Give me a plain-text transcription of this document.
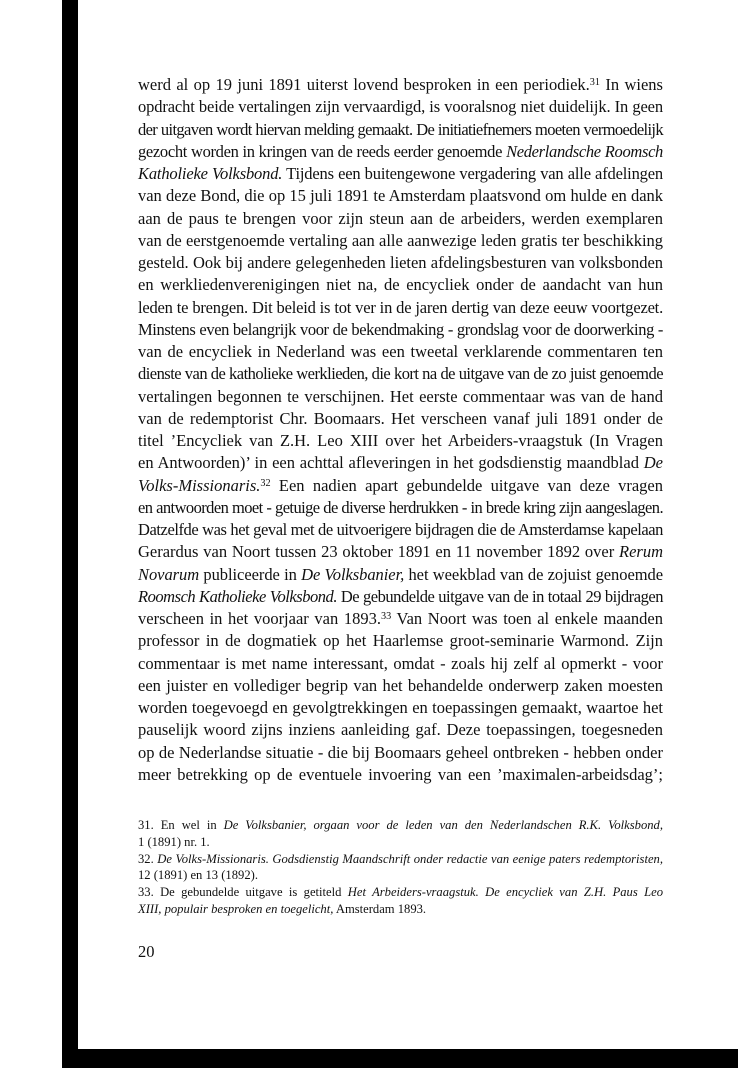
werd al op 19 juni 1891 uiterst lovend besproken in een periodiek.$^{31}$ In wiens
opdracht beide vertalingen zijn vervaardigd, is vooralsnog niet duidelijk. In geen
der uitgaven wordt hiervan melding gemaakt. De initiatiefnemers moeten vermoedelijk
gezocht worden in kringen van de reeds eerder genoemde Nederlandsche Roomsch
Katholieke Volksbond. Tijdens een buitengewone vergadering van alle afdelingen
van deze Bond, die op 15 juli 1891 te Amsterdam plaatsvond om hulde en dank
aan de paus te brengen voor zijn steun aan de arbeiders, werden exemplaren
van de eerstgenoemde vertaling aan alle aanwezige leden gratis ter beschikking
gesteld. Ook bij andere gelegenheden lieten afdelingsbesturen van volksbonden
en werkliedenverenigingen niet na, de encycliek onder de aandacht van hun
leden te brengen. Dit beleid is tot ver in de jaren dertig van deze eeuw voortgezet.
Minstens even belangrijk voor de bekendmaking - grondslag voor de doorwerking -
van de encycliek in Nederland was een tweetal verklarende commentaren ten
dienste van de katholieke werklieden, die kort na de uitgave van de zo juist genoemde
vertalingen begonnen te verschijnen. Het eerste commentaar was van de hand
van de redemptorist Chr. Boomaars. Het verscheen vanaf juli 1891 onder de
titel ’Encycliek van Z.H. Leo XIII over het Arbeiders-vraagstuk (In Vragen
en Antwoorden)’ in een achttal afleveringen in het godsdienstig maandblad De
Volks-Missionaris.$^{32}$ Een nadien apart gebundelde uitgave van deze vragen
en antwoorden moet - getuige de diverse herdrukken - in brede kring zijn aangeslagen.
Datzelfde was het geval met de uitvoerigere bijdragen die de Amsterdamse kapelaan
Gerardus van Noort tussen 23 oktober 1891 en 11 november 1892 over Rerum
Novarum publiceerde in De Volksbanier, het weekblad van de zojuist genoemde
Roomsch Katholieke Volksbond. De gebundelde uitgave van de in totaal 29 bijdragen
verscheen in het voorjaar van 1893.33 Van Noort was toen al enkele maanden
professor in de dogmatiek op het Haarlemse groot-seminarie Warmond. Zijn
commentaar is met name interessant, omdat - zoals hij zelf al opmerkt - voor
een juister en vollediger begrip van het behandelde onderwerp zaken moesten
worden toegevoegd en gevolgtrekkingen en toepassingen gemaakt, waartoe het
pauselijk woord zijns inziens aanleiding gaf. Deze toepassingen, toegesneden
op de Nederlandse situatie - die bij Boomaars geheel ontbreken - hebben onder
meer betrekking op de eventuele invoering van een ’maximalen-arbeidsdag’;
31. En wel in De Volksbanier, orgaan voor de leden van den Nederlandschen R.K. Volksbond,
1 (1891) nr. 1.
32. De Volks-Missionaris. Godsdienstig Maandschrift onder redactie van eenige paters redemptoristen,
12 (1891) en 13 (1892).
33. De gebundelde uitgave is getiteld Het Arbeiders-vraagstuk. De encycliek van Z.H. Paus Leo
XIII, populair besproken en toegelicht, Amsterdam 1893.
20
